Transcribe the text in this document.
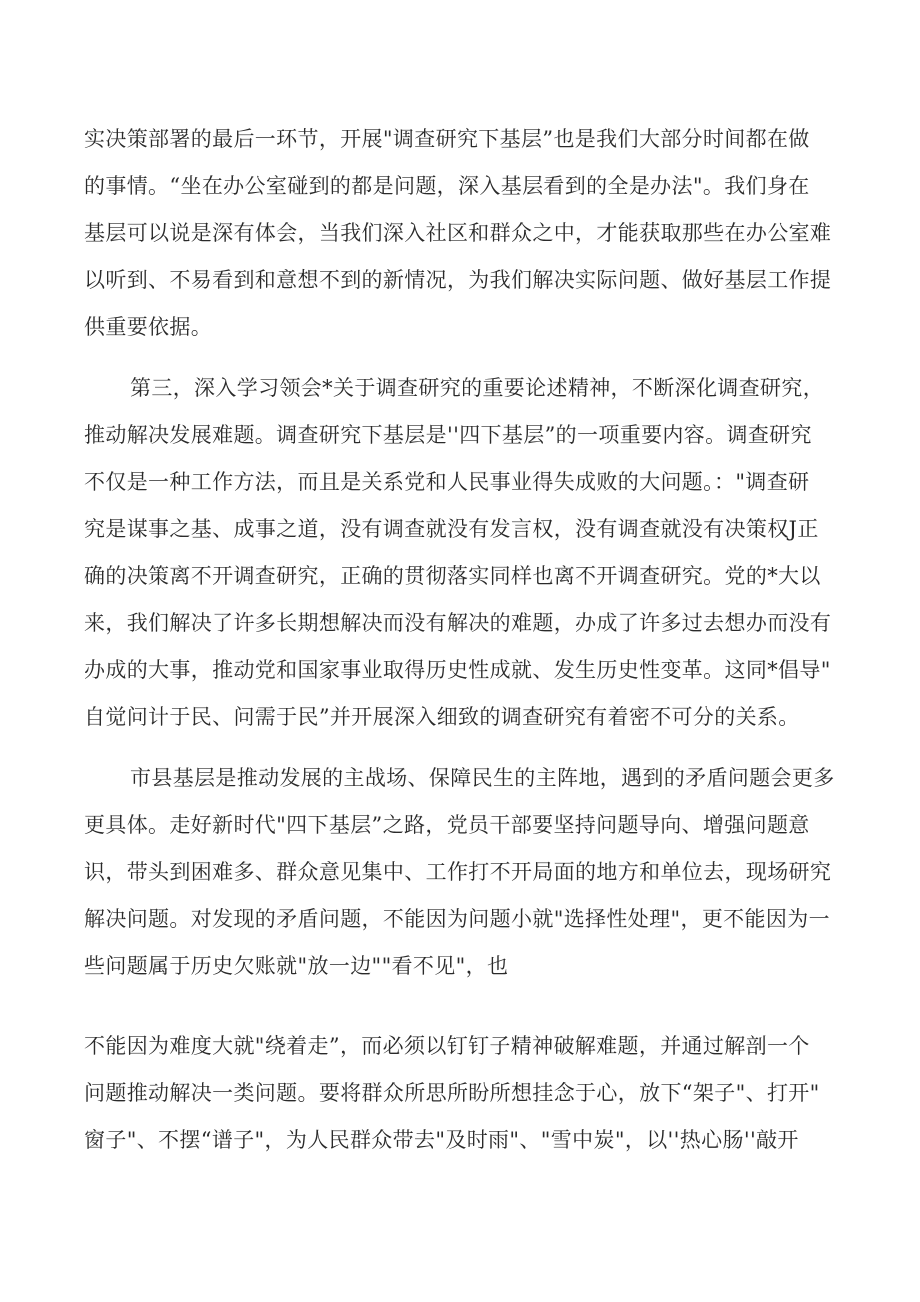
实决策部署的最后一环节，开展"调查研究下基层”也是我们大部分时间都在做
的事情。“坐在办公室碰到的都是问题，深入基层看到的全是办法"。我们身在
基层可以说是深有体会，当我们深入社区和群众之中，才能获取那些在办公室难
以听到、不易看到和意想不到的新情况，为我们解决实际问题、做好基层工作提
供重要依据。
第三，深入学习领会*关于调查研究的重要论述精神，不断深化调查研究，
推动解决发展难题。调查研究下基层是''四下基层”的一项重要内容。调查研究
不仅是一种工作方法，而且是关系党和人民事业得失成败的大问题。："调查研
究是谋事之基、成事之道，没有调查就没有发言权，没有调查就没有决策权J正
确的决策离不开调查研究，正确的贯彻落实同样也离不开调查研究。党的*大以
来，我们解决了许多长期想解决而没有解决的难题，办成了许多过去想办而没有
办成的大事，推动党和国家事业取得历史性成就、发生历史性变革。这同*倡导"
自觉问计于民、问需于民”并开展深入细致的调查研究有着密不可分的关系。
市县基层是推动发展的主战场、保障民生的主阵地，遇到的矛盾问题会更多
更具体。走好新时代"四下基层”之路，党员干部要坚持问题导向、增强问题意
识，带头到困难多、群众意见集中、工作打不开局面的地方和单位去，现场研究
解决问题。对发现的矛盾问题，不能因为问题小就"选择性处理"，更不能因为一
些问题属于历史欠账就"放一边""看不见"，也
不能因为难度大就"绕着走”，而必须以钉钉子精神破解难题，并通过解剖一个
问题推动解决一类问题。要将群众所思所盼所想挂念于心，放下“架子"、打开"
窗子"、不摆“谱子"，为人民群众带去"及时雨"、"雪中炭"，以''热心肠''敲开
